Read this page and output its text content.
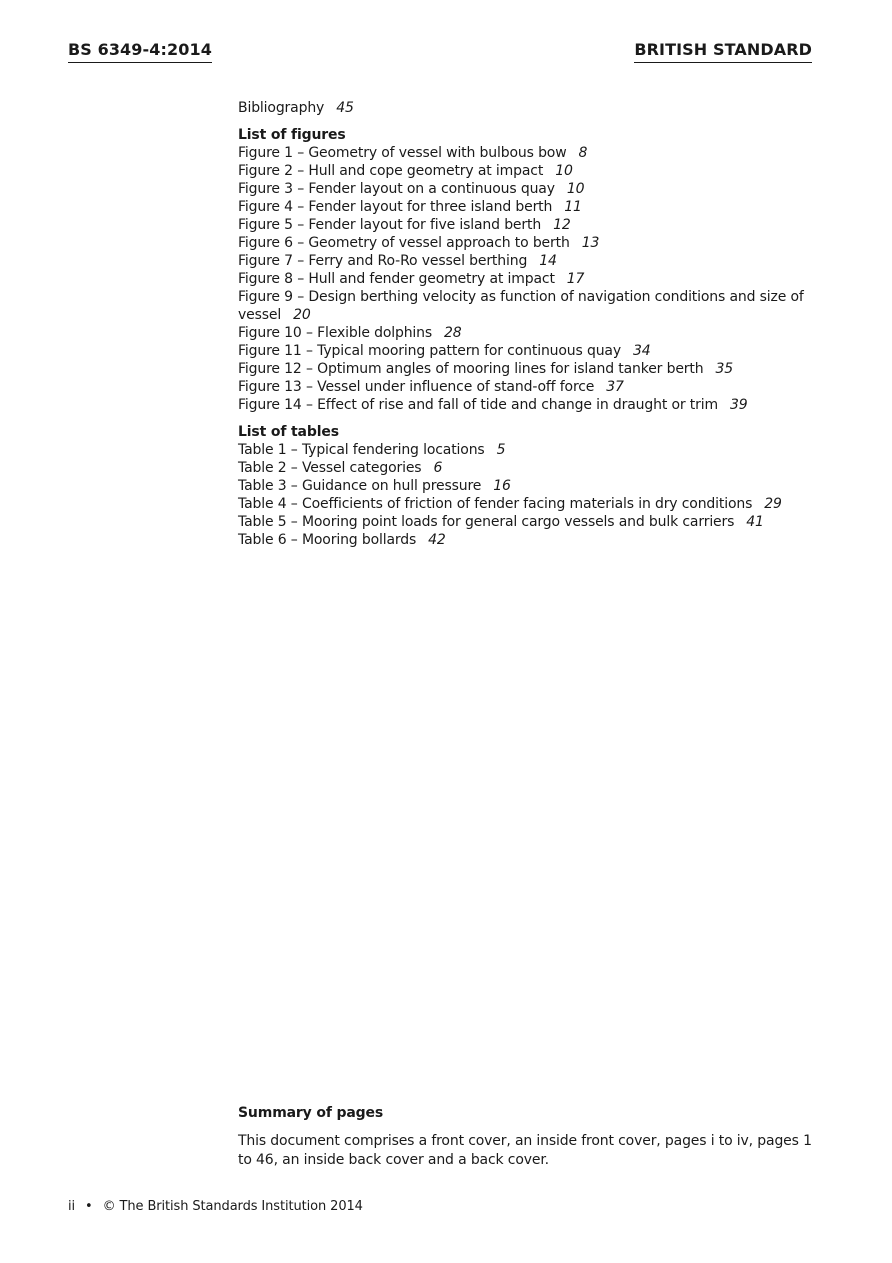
BS 6349-4:2014	BRITISH STANDARD
Bibliography 45
List of figures
Figure 1 – Geometry of vessel with bulbous bow 8
Figure 2 – Hull and cope geometry at impact 10
Figure 3 – Fender layout on a continuous quay 10
Figure 4 – Fender layout for three island berth 11
Figure 5 – Fender layout for five island berth 12
Figure 6 – Geometry of vessel approach to berth 13
Figure 7 – Ferry and Ro-Ro vessel berthing 14
Figure 8 – Hull and fender geometry at impact 17
Figure 9 – Design berthing velocity as function of navigation conditions and size of vessel 20
Figure 10 – Flexible dolphins 28
Figure 11 – Typical mooring pattern for continuous quay 34
Figure 12 – Optimum angles of mooring lines for island tanker berth 35
Figure 13 – Vessel under influence of stand-off force 37
Figure 14 – Effect of rise and fall of tide and change in draught or trim 39
List of tables
Table 1 – Typical fendering locations 5
Table 2 – Vessel categories 6
Table 3 – Guidance on hull pressure 16
Table 4 – Coefficients of friction of fender facing materials in dry conditions 29
Table 5 – Mooring point loads for general cargo vessels and bulk carriers 41
Table 6 – Mooring bollards 42
Summary of pages
This document comprises a front cover, an inside front cover, pages i to iv, pages 1 to 46, an inside back cover and a back cover.
ii • © The British Standards Institution 2014
